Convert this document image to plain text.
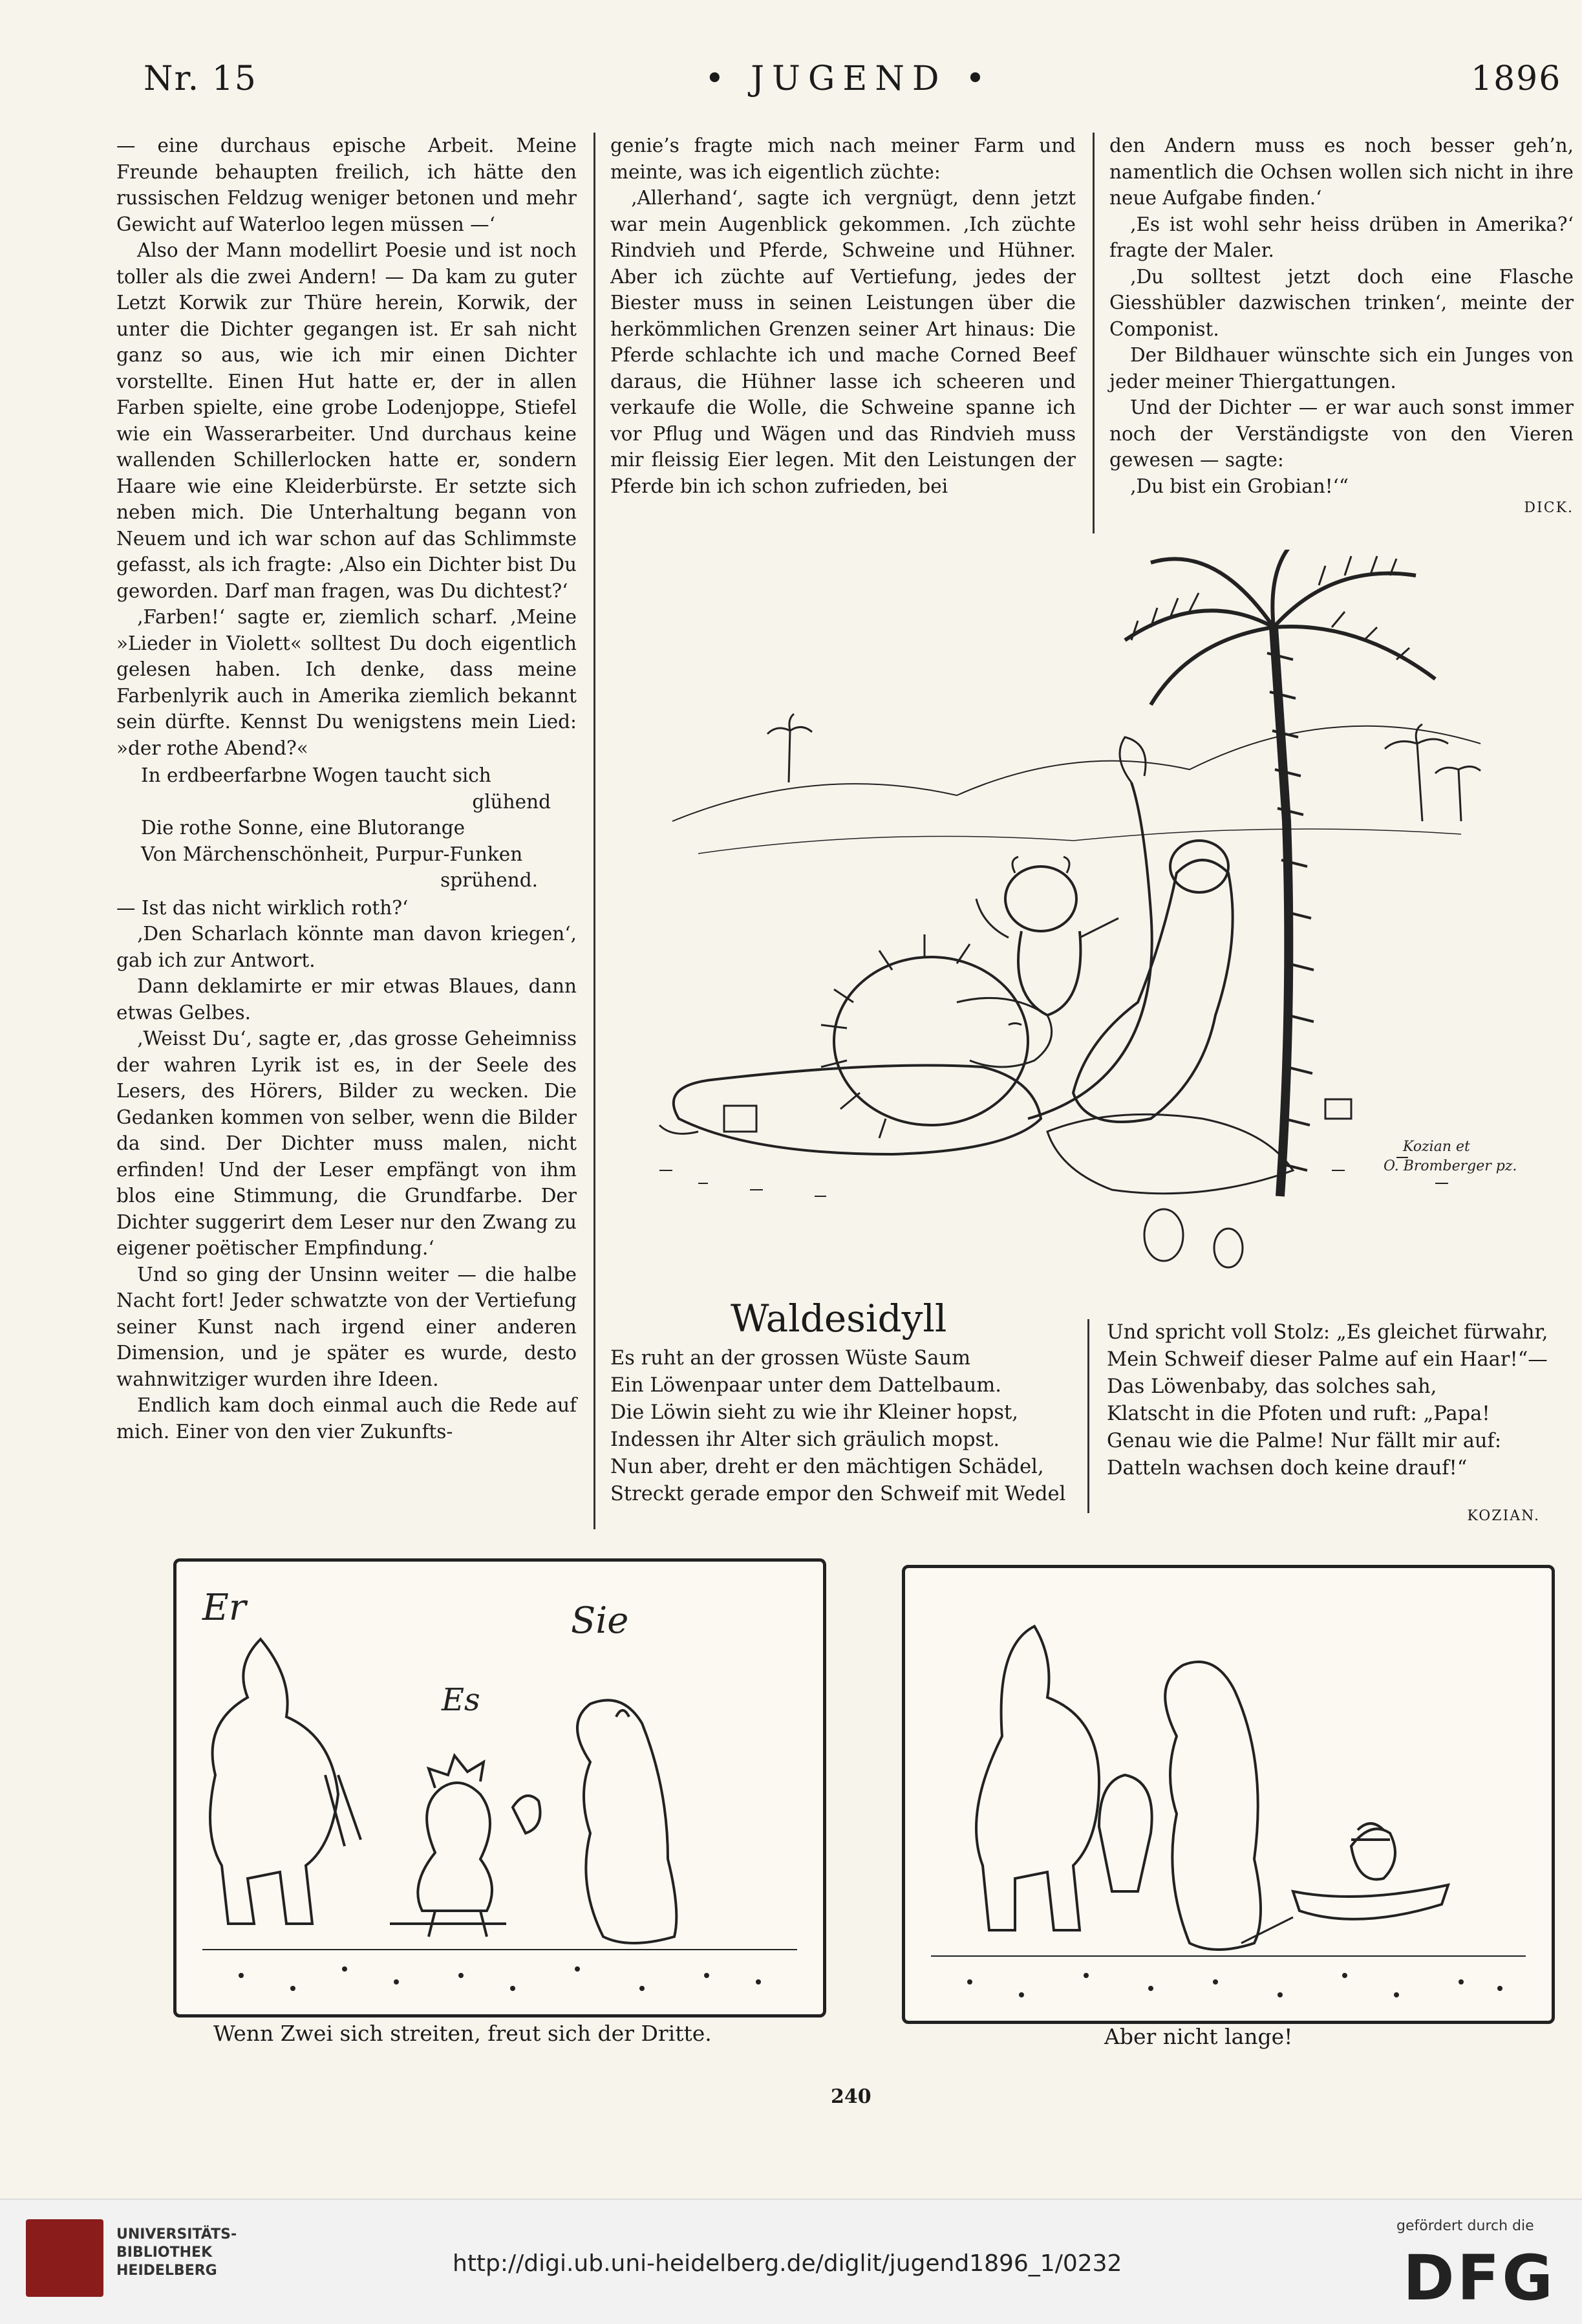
Nr. 15	• JUGEND •	1896

— eine durchaus epische Arbeit. Meine Freunde behaupten freilich, ich hätte den russischen Feldzug weniger betonen und mehr Gewicht auf Waterloo legen müssen —‘

Also der Mann modellirt Poesie und ist noch toller als die zwei Andern! — Da kam zu guter Letzt Korwik zur Thüre herein, Korwik, der unter die Dichter gegangen ist. Er sah nicht ganz so aus, wie ich mir einen Dichter vorstellte. Einen Hut hatte er, der in allen Farben spielte, eine grobe Lodenjoppe, Stiefel wie ein Wasserarbeiter. Und durchaus keine wallenden Schillerlocken hatte er, sondern Haare wie eine Kleiderbürste. Er setzte sich neben mich. Die Unterhaltung begann von Neuem und ich war schon auf das Schlimmste gefasst, als ich fragte: ‚Also ein Dichter bist Du geworden. Darf man fragen, was Du dichtest?‘

‚Farben!‘ sagte er, ziemlich scharf. ‚Meine »Lieder in Violett« solltest Du doch eigentlich gelesen haben. Ich denke, dass meine Farbenlyrik auch in Amerika ziemlich bekannt sein dürfte. Kennst Du wenigstens mein Lied: »der rothe Abend?«

In erdbeerfarbne Wogen taucht sich
glühend
Die rothe Sonne, eine Blutorange
Von Märchenschönheit, Purpur-Funken
sprühend.

— Ist das nicht wirklich roth?‘

‚Den Scharlach könnte man davon kriegen‘, gab ich zur Antwort.

Dann deklamirte er mir etwas Blaues, dann etwas Gelbes.

‚Weisst Du‘, sagte er, ‚das grosse Geheimniss der wahren Lyrik ist es, in der Seele des Lesers, des Hörers, Bilder zu wecken. Die Gedanken kommen von selber, wenn die Bilder da sind. Der Dichter muss malen, nicht erfinden! Und der Leser empfängt von ihm blos eine Stimmung, die Grundfarbe. Der Dichter suggerirt dem Leser nur den Zwang zu eigener poëtischer Empfindung.‘

Und so ging der Unsinn weiter — die halbe Nacht fort! Jeder schwatzte von der Vertiefung seiner Kunst nach irgend einer anderen Dimension, und je später es wurde, desto wahnwitziger wurden ihre Ideen.

Endlich kam doch einmal auch die Rede auf mich. Einer von den vier Zukunfts-

genie’s fragte mich nach meiner Farm und meinte, was ich eigentlich züchte:

‚Allerhand‘, sagte ich vergnügt, denn jetzt war mein Augenblick gekommen. ‚Ich züchte Rindvieh und Pferde, Schweine und Hühner. Aber ich züchte auf Vertiefung, jedes der Biester muss in seinen Leistungen über die herkömmlichen Grenzen seiner Art hinaus: Die Pferde schlachte ich und mache Corned Beef daraus, die Hühner lasse ich scheeren und verkaufe die Wolle, die Schweine spanne ich vor Pflug und Wägen und das Rindvieh muss mir fleissig Eier legen. Mit den Leistungen der Pferde bin ich schon zufrieden, bei

den Andern muss es noch besser geh’n, namentlich die Ochsen wollen sich nicht in ihre neue Aufgabe finden.‘

‚Es ist wohl sehr heiss drüben in Amerika?‘ fragte der Maler.

‚Du solltest jetzt doch eine Flasche Giesshübler dazwischen trinken‘, meinte der Componist.

Der Bildhauer wünschte sich ein Junges von jeder meiner Thiergattungen.

Und der Dichter — er war auch sonst immer noch der Verständigste von den Vieren gewesen — sagte:

‚Du bist ein Grobian!‘“

DICK.
Kozian et
O. Bromberger pz.
Waldesidyll
Es ruht an der grossen Wüste Saum
Ein Löwenpaar unter dem Dattelbaum.
Die Löwin sieht zu wie ihr Kleiner hopst,
Indessen ihr Alter sich gräulich mopst.
Nun aber, dreht er den mächtigen Schädel,
Streckt gerade empor den Schweif mit Wedel
Und spricht voll Stolz: „Es gleichet fürwahr,
Mein Schweif dieser Palme auf ein Haar!“—
Das Löwenbaby, das solches sah,
Klatscht in die Pfoten und ruft: „Papa!
Genau wie die Palme! Nur fällt mir auf:
Datteln wachsen doch keine drauf!“
KOZIAN.
Er
Es
Sie
Wenn Zwei sich streiten, freut sich der Dritte.	Aber nicht lange!
240
UNIVERSITÄTS-
BIBLIOTHEK
HEIDELBERG	http://digi.ub.uni-heidelberg.de/diglit/jugend1896_1/0232
gefördert durch die
DFG
